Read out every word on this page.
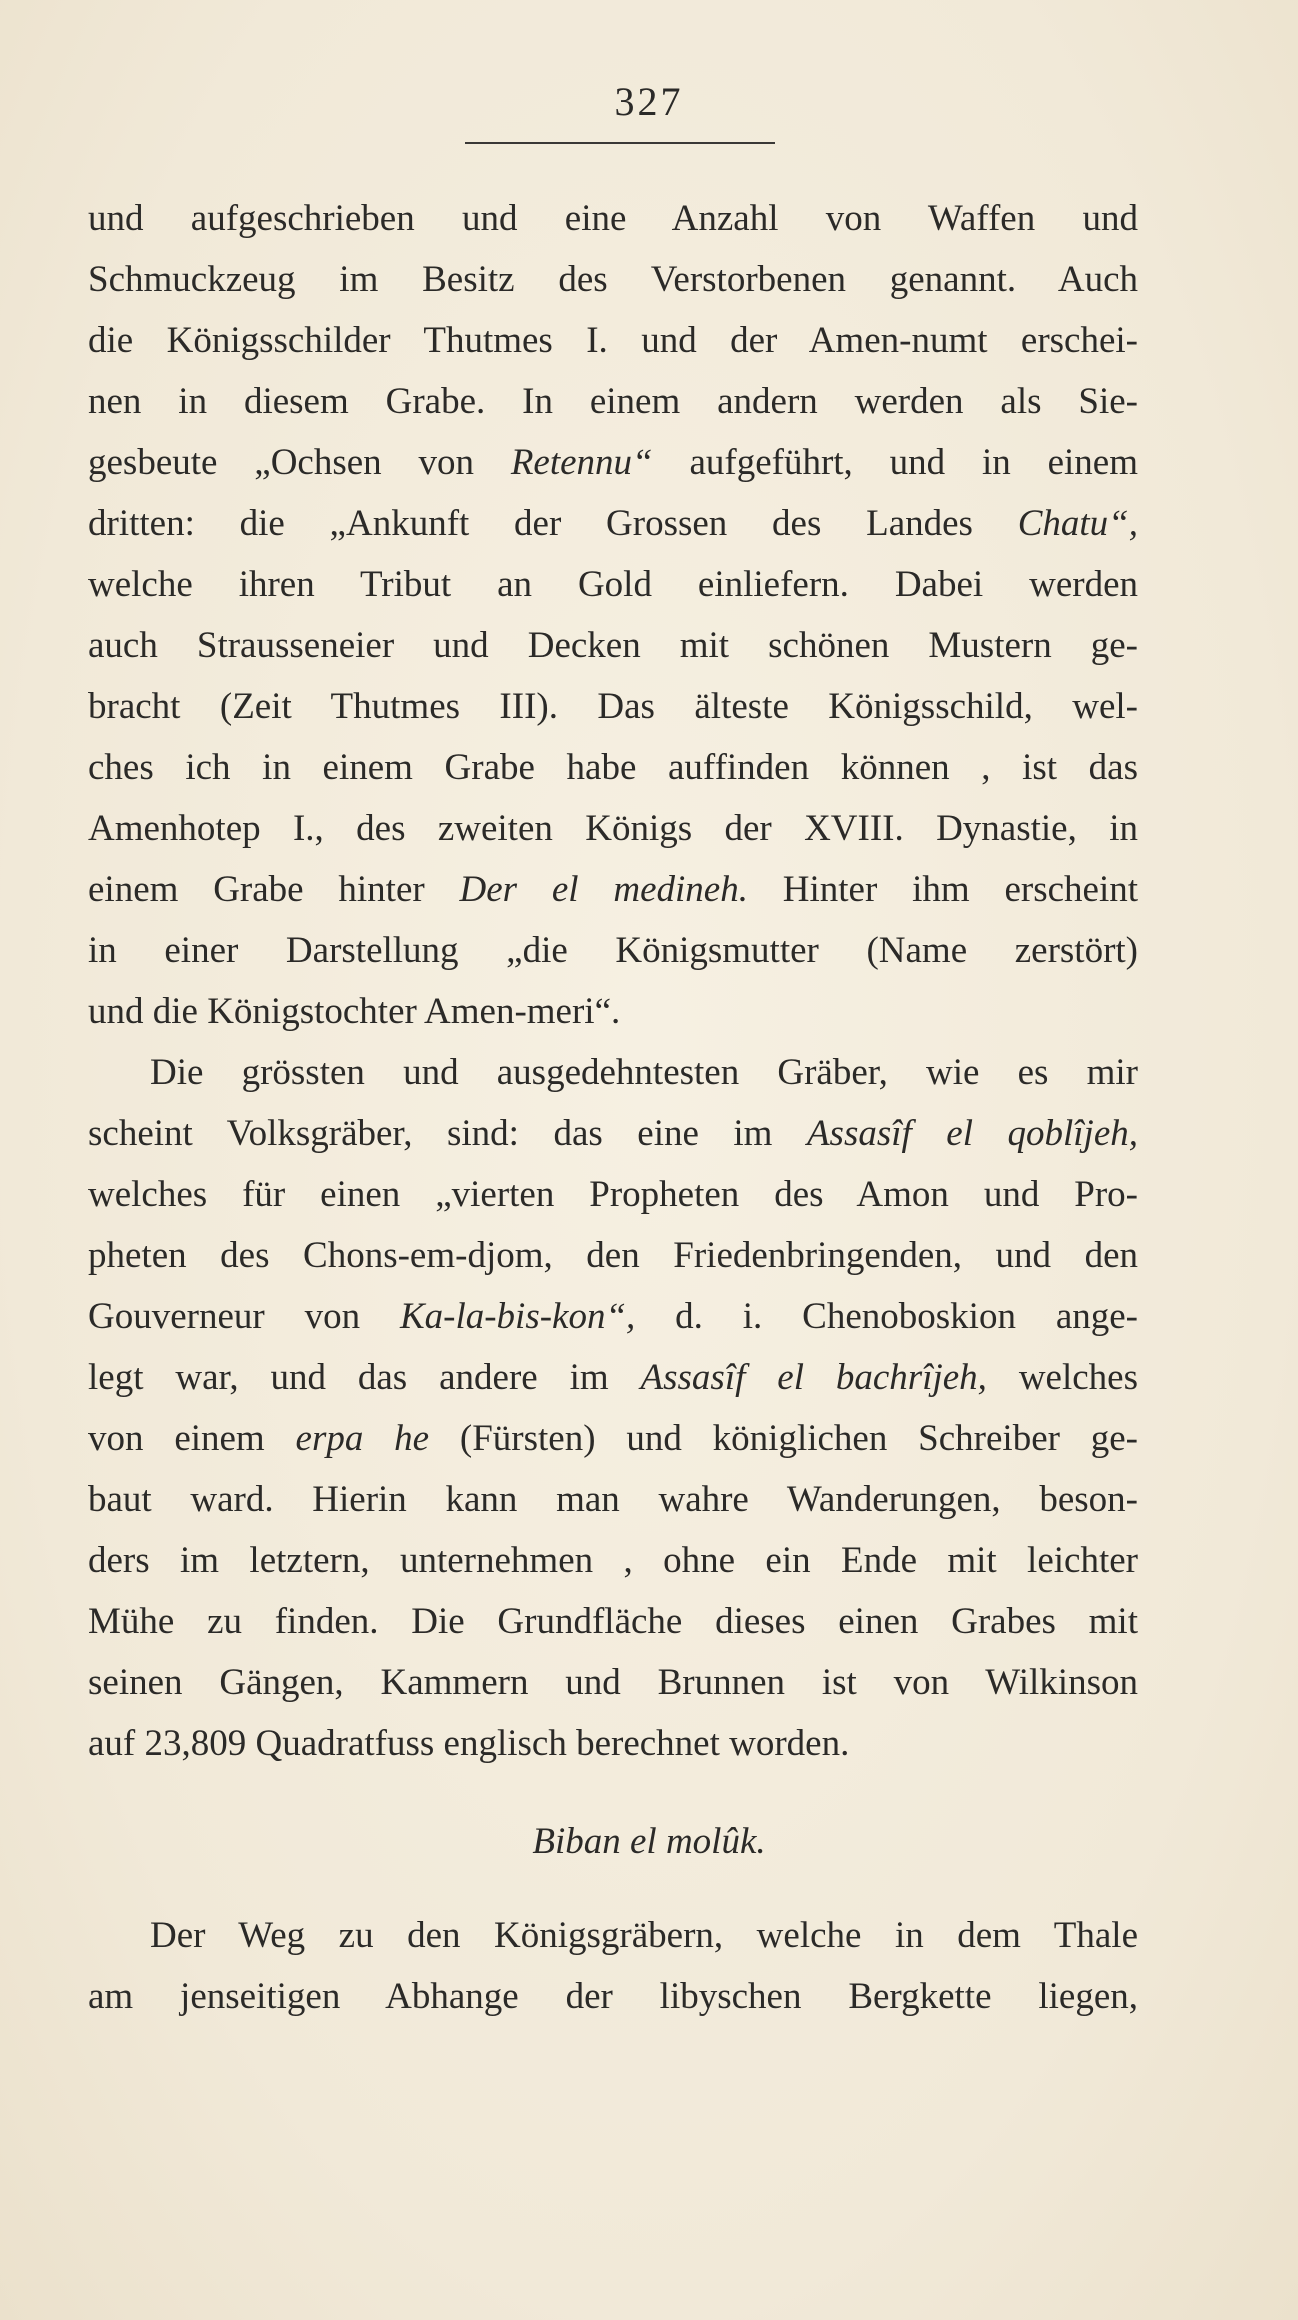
327
und aufgeschrieben und eine Anzahl von Waffen und
Schmuckzeug im Besitz des Verstorbenen genannt. Auch
die Königsschilder Thutmes I. und der Amen-numt erschei-
nen in diesem Grabe. In einem andern werden als Sie-
gesbeute „Ochsen von Retennu“ aufgeführt, und in einem
dritten: die „Ankunft der Grossen des Landes Chatu“,
welche ihren Tribut an Gold einliefern. Dabei werden
auch Straussenеier und Decken mit schönen Mustern ge-
bracht (Zeit Thutmes III). Das älteste Königsschild, wel-
ches ich in einem Grabe habe auffinden können , ist das
Amenhotep I., des zweiten Königs der XVIII. Dynastie, in
einem Grabe hinter Der el medineh. Hinter ihm erscheint
in einer Darstellung „die Königsmutter (Name zerstört)
und die Königstochter Amen-meri“.
Die grössten und ausgedehntesten Gräber, wie es mir
scheint Volksgräber, sind: das eine im Assasîf el qoblîjeh,
welches für einen „vierten Propheten des Amon und Pro-
pheten des Chons-em-djom, den Friedenbringenden, und den
Gouverneur von Ka-la-bis-kon“, d. i. Chenoboskion ange-
legt war, und das andere im Assasîf el bachrîjeh, welches
von einem erpa he (Fürsten) und königlichen Schreiber ge-
baut ward. Hierin kann man wahre Wanderungen, beson-
ders im letztern, unternehmen , ohne ein Ende mit leichter
Mühe zu finden. Die Grundfläche dieses einen Grabes mit
seinen Gängen, Kammern und Brunnen ist von Wilkinson
auf 23,809 Quadratfuss englisch berechnet worden.
Biban el molûk.
Der Weg zu den Königsgräbern, welche in dem Thale
am jenseitigen Abhange der libyschen Bergkette liegen,
